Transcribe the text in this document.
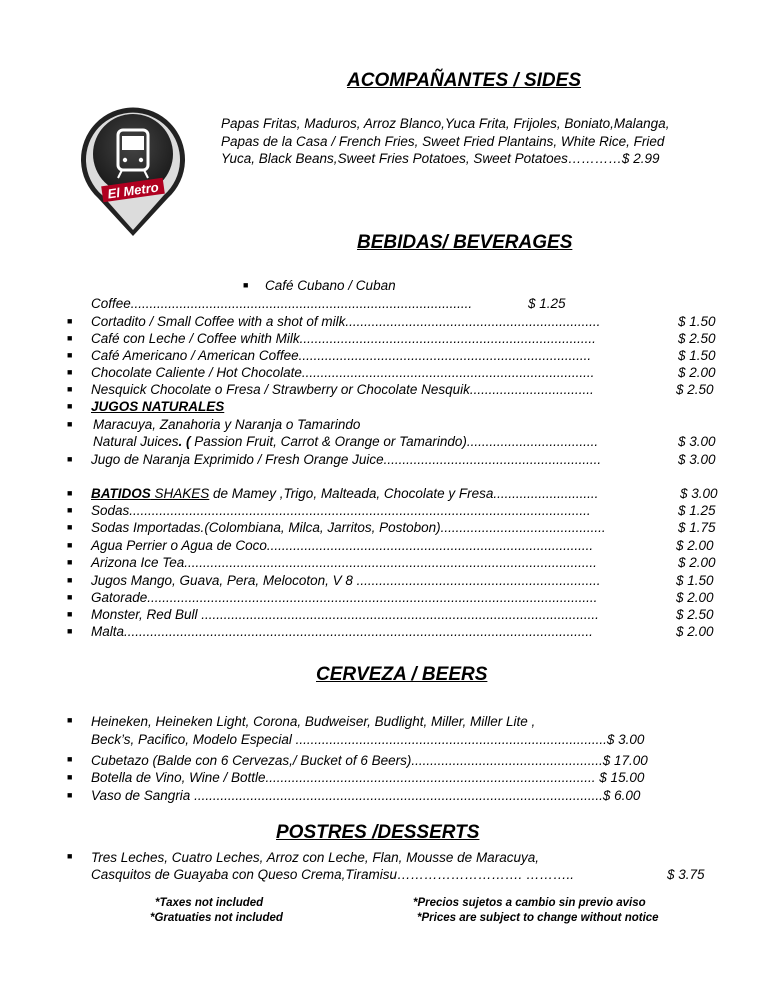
El Metro
ACOMPAÑANTES / SIDES
Papas Fritas, Maduros, Arroz Blanco,Yuca Frita, Frijoles, Boniato,Malanga,
Papas de la Casa / French Fries, Sweet Fried Plantains, White Rice, Fried
Yuca, Black Beans,Sweet Fries Potatoes, Sweet Potatoes…………$ 2.99
BEBIDAS/ BEVERAGES
■ Café Cubano / Cuban
Coffee...........................................................................................	$ 1.25
■ Cortadito / Small Coffee with a shot of milk....................................................................	$ 1.50
■ Café con Leche / Coffee whith Milk...............................................................................	$ 2.50
■ Café Americano / American Coffee..............................................................................	$ 1.50
■ Chocolate Caliente / Hot Chocolate..............................................................................	$ 2.00
■ Nesquick Chocolate o Fresa / Strawberry or Chocolate Nesquik.................................	$ 2.50
■ JUGOS NATURALES
■ Maracuya, Zanahoria y Naranja o Tamarindo
Natural Juices. ( Passion Fruit, Carrot & Orange or Tamarindo)...................................	$ 3.00
■ Jugo de Naranja Exprimido / Fresh Orange Juice..........................................................	$ 3.00
■ BATIDOS SHAKES de Mamey ,Trigo, Malteada, Chocolate y Fresa............................	$ 3.00
■ Sodas...........................................................................................................................	$ 1.25
■ Sodas Importadas.(Colombiana, Milca, Jarritos, Postobon)............................................	$ 1.75
■ Agua Perrier o Agua de Coco.......................................................................................	$ 2.00
■ Arizona Ice Tea..............................................................................................................	$ 2.00
■ Jugos Mango, Guava, Pera, Melocoton, V 8 .................................................................	$ 1.50
■ Gatorade........................................................................................................................	$ 2.00
■ Monster, Red Bull ..........................................................................................................	$ 2.50
■ Malta.............................................................................................................................	$ 2.00
CERVEZA / BEERS
■ Heineken, Heineken Light, Corona, Budweiser, Budlight, Miller, Miller Lite ,
Beck’s, Pacifico, Modelo Especial ...................................................................................$ 3.00
■ Cubetazo (Balde con 6 Cervezas,/ Bucket of 6 Beers)...................................................$ 17.00
■ Botella de Vino, Wine / Bottle........................................................................................ $ 15.00
■ Vaso de Sangria .............................................................................................................$ 6.00
POSTRES /DESSERTS
■ Tres Leches, Cuatro Leches, Arroz con Leche, Flan, Mousse de Maracuya,
Casquitos de Guayaba con Queso Crema,Tiramisu………………………. ………..	$ 3.75
*Taxes not included
*Gratuaties not included
*Precios sujetos a cambio sin previo aviso
*Prices are subject to change without notice
